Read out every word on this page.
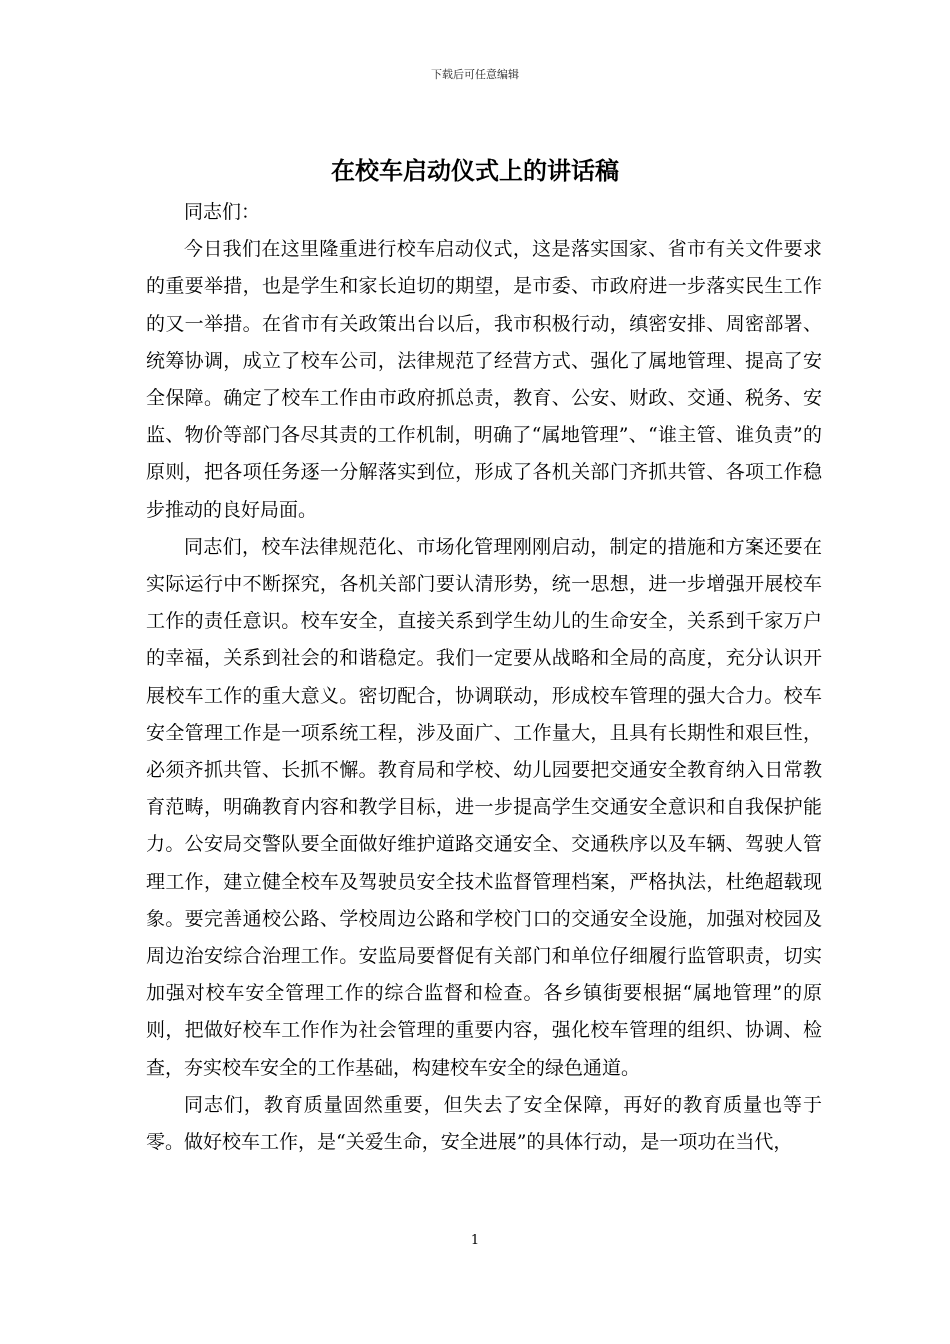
下载后可任意编辑
在校车启动仪式上的讲话稿

同志们：

今日我们在这里隆重进行校车启动仪式，这是落实国家、省市有关文件要求的重要举措，也是学生和家长迫切的期望，是市委、市政府进一步落实民生工作的又一举措。在省市有关政策出台以后，我市积极行动，缜密安排、周密部署、统筹协调，成立了校车公司，法律规范了经营方式、强化了属地管理、提高了安全保障。确定了校车工作由市政府抓总责，教育、公安、财政、交通、税务、安监、物价等部门各尽其责的工作机制，明确了“属地管理”、“谁主管、谁负责”的原则，把各项任务逐一分解落实到位，形成了各机关部门齐抓共管、各项工作稳步推动的良好局面。

同志们，校车法律规范化、市场化管理刚刚启动，制定的措施和方案还要在实际运行中不断探究，各机关部门要认清形势，统一思想，进一步增强开展校车工作的责任意识。校车安全，直接关系到学生幼儿的生命安全，关系到千家万户的幸福，关系到社会的和谐稳定。我们一定要从战略和全局的高度，充分认识开展校车工作的重大意义。密切配合，协调联动，形成校车管理的强大合力。校车安全管理工作是一项系统工程，涉及面广、工作量大，且具有长期性和艰巨性，必须齐抓共管、长抓不懈。教育局和学校、幼儿园要把交通安全教育纳入日常教育范畴，明确教育内容和教学目标，进一步提高学生交通安全意识和自我保护能力。公安局交警队要全面做好维护道路交通安全、交通秩序以及车辆、驾驶人管理工作，建立健全校车及驾驶员安全技术监督管理档案，严格执法，杜绝超载现象。要完善通校公路、学校周边公路和学校门口的交通安全设施，加强对校园及周边治安综合治理工作。安监局要督促有关部门和单位仔细履行监管职责，切实加强对校车安全管理工作的综合监督和检查。各乡镇街要根据“属地管理”的原则，把做好校车工作作为社会管理的重要内容，强化校车管理的组织、协调、检查，夯实校车安全的工作基础，构建校车安全的绿色通道。

同志们，教育质量固然重要，但失去了安全保障，再好的教育质量也等于零。做好校车工作，是“关爱生命，安全进展”的具体行动，是一项功在当代，

1
